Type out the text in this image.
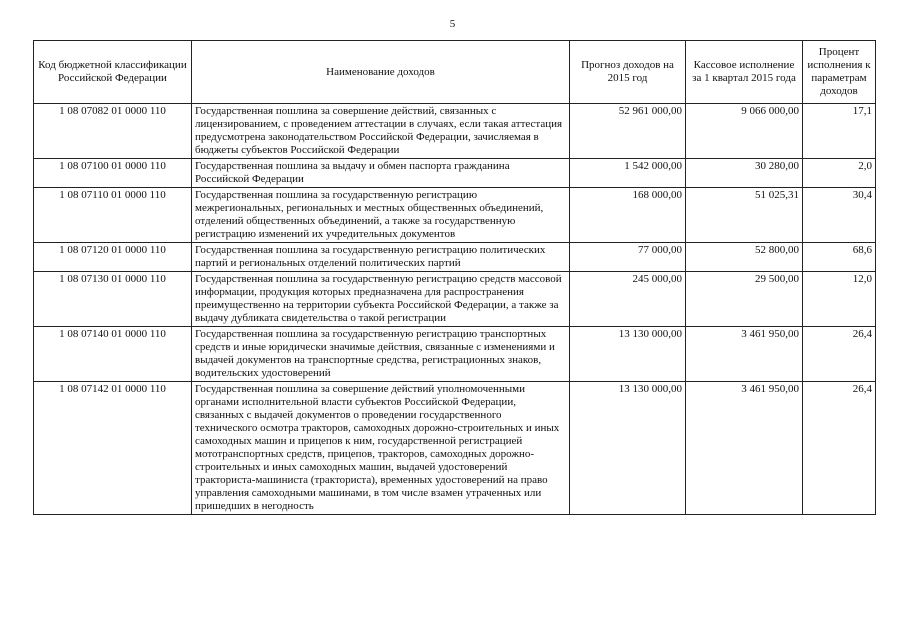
5
Код бюджетной классификации Российской Федерации	Наименование доходов	Прогноз доходов на 2015 год	Кассовое исполнение за 1 квартал 2015 года	Процент исполнения к параметрам доходов
1 08 07082 01 0000 110	Государственная пошлина за совершение действий, связанных с лицензированием, с проведением аттестации в случаях, если такая аттестация предусмотрена законодательством Российской Федерации, зачисляемая в бюджеты субъектов Российской Федерации	52 961 000,00	9 066 000,00	17,1
1 08 07100 01 0000 110	Государственная пошлина за выдачу и обмен паспорта гражданина Российской Федерации	1 542 000,00	30 280,00	2,0
1 08 07110 01 0000 110	Государственная пошлина за государственную регистрацию межрегиональных, региональных и местных общественных объединений, отделений общественных объединений, а также за государственную регистрацию изменений их учредительных документов	168 000,00	51 025,31	30,4
1 08 07120 01 0000 110	Государственная пошлина за государственную регистрацию политических партий и региональных отделений политических партий	77 000,00	52 800,00	68,6
1 08 07130 01 0000 110	Государственная пошлина за государственную регистрацию средств массовой информации, продукция которых предназначена для распространения преимущественно на территории субъекта Российской Федерации, а также за выдачу дубликата свидетельства о такой регистрации	245 000,00	29 500,00	12,0
1 08 07140 01 0000 110	Государственная пошлина за государственную регистрацию транспортных средств и иные юридически значимые действия, связанные с изменениями и выдачей документов на транспортные средства, регистрационных знаков, водительских удостоверений	13 130 000,00	3 461 950,00	26,4
1 08 07142 01 0000 110	Государственная пошлина за совершение действий уполномоченными органами исполнительной власти субъектов Российской Федерации, связанных с выдачей документов о проведении государственного технического осмотра тракторов, самоходных дорожно-строительных и иных самоходных машин и прицепов к ним, государственной регистрацией мототранспортных средств, прицепов, тракторов, самоходных дорожно-строительных и иных самоходных машин, выдачей удостоверений тракториста-машиниста (тракториста), временных удостоверений на право управления самоходными машинами, в том числе взамен утраченных или пришедших в негодность	13 130 000,00	3 461 950,00	26,4
